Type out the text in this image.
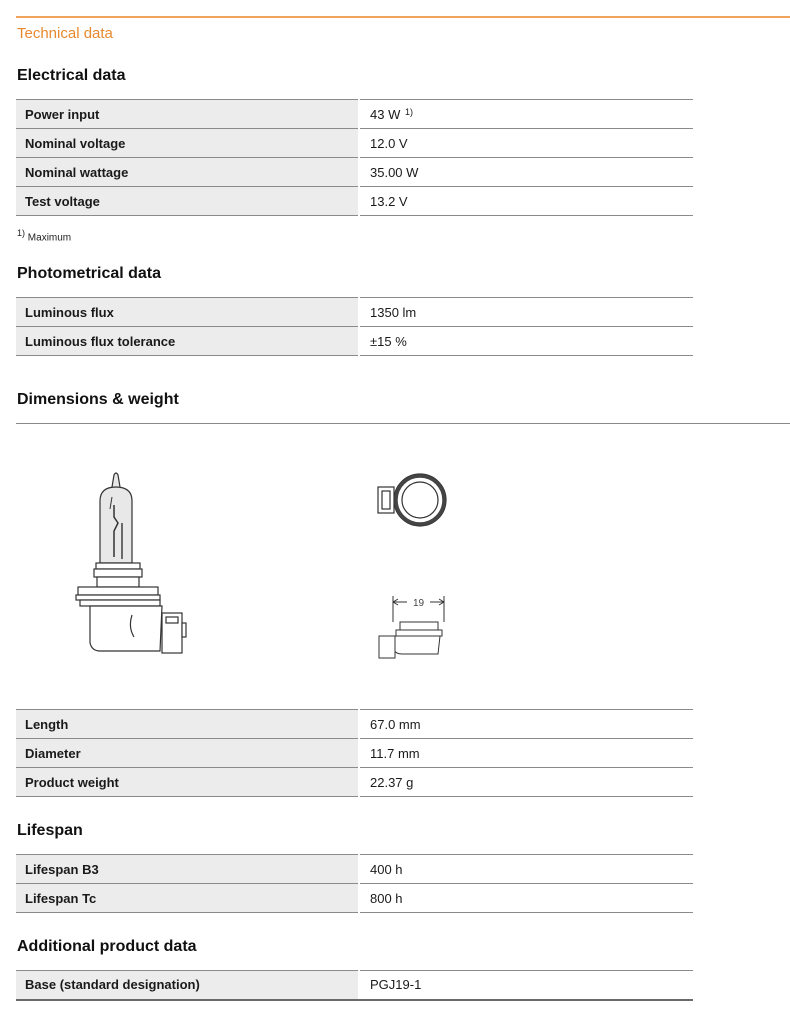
Technical data
Electrical data
Power input	43 W $^{1)}$
Nominal voltage	12.0 V
Nominal wattage	35.00 W
Test voltage	13.2 V
$^{1)}$ Maximum
Photometrical data
Luminous flux	1350 lm
Luminous flux tolerance	±15 %
Dimensions & weight
19
Length	67.0 mm
Diameter	11.7 mm
Product weight	22.37 g
Lifespan
Lifespan B3	400 h
Lifespan Tc	800 h
Additional product data
Base (standard designation)	PGJ19-1
